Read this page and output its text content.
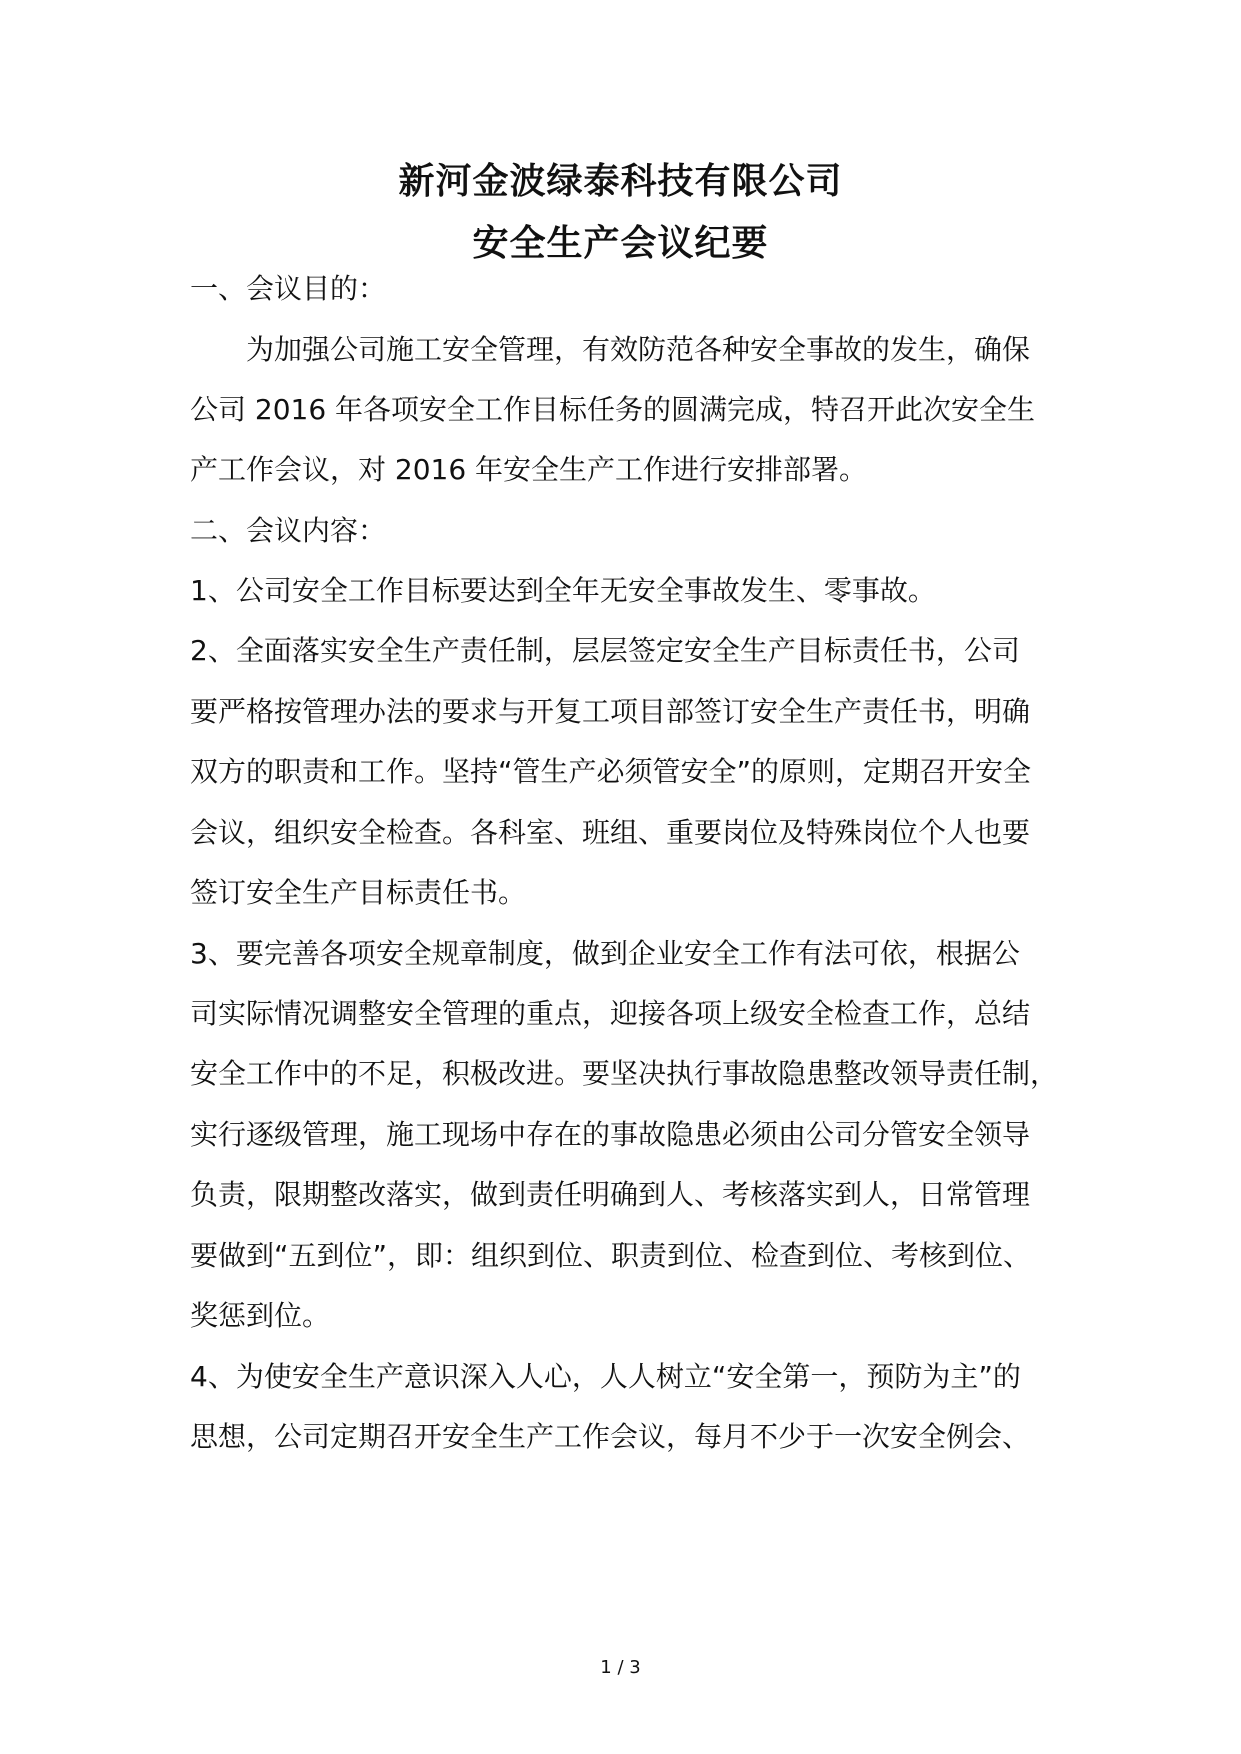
新河金波绿泰科技有限公司
安全生产会议纪要
一、会议目的：
　　为加强公司施工安全管理，有效防范各种安全事故的发生，确保
公司 2016 年各项安全工作目标任务的圆满完成，特召开此次安全生
产工作会议，对 2016 年安全生产工作进行安排部署。
二、会议内容：
1、公司安全工作目标要达到全年无安全事故发生、零事故。
2、全面落实安全生产责任制，层层签定安全生产目标责任书，公司
要严格按管理办法的要求与开复工项目部签订安全生产责任书，明确
双方的职责和工作。坚持“管生产必须管安全”的原则，定期召开安全
会议，组织安全检查。各科室、班组、重要岗位及特殊岗位个人也要
签订安全生产目标责任书。
3、要完善各项安全规章制度，做到企业安全工作有法可依，根据公
司实际情况调整安全管理的重点，迎接各项上级安全检查工作，总结
安全工作中的不足，积极改进。要坚决执行事故隐患整改领导责任制，
实行逐级管理，施工现场中存在的事故隐患必须由公司分管安全领导
负责，限期整改落实，做到责任明确到人、考核落实到人，日常管理
要做到“五到位”，即：组织到位、职责到位、检查到位、考核到位、
奖惩到位。
4、为使安全生产意识深入人心，人人树立“安全第一，预防为主”的
思想，公司定期召开安全生产工作会议，每月不少于一次安全例会、
1 / 3
